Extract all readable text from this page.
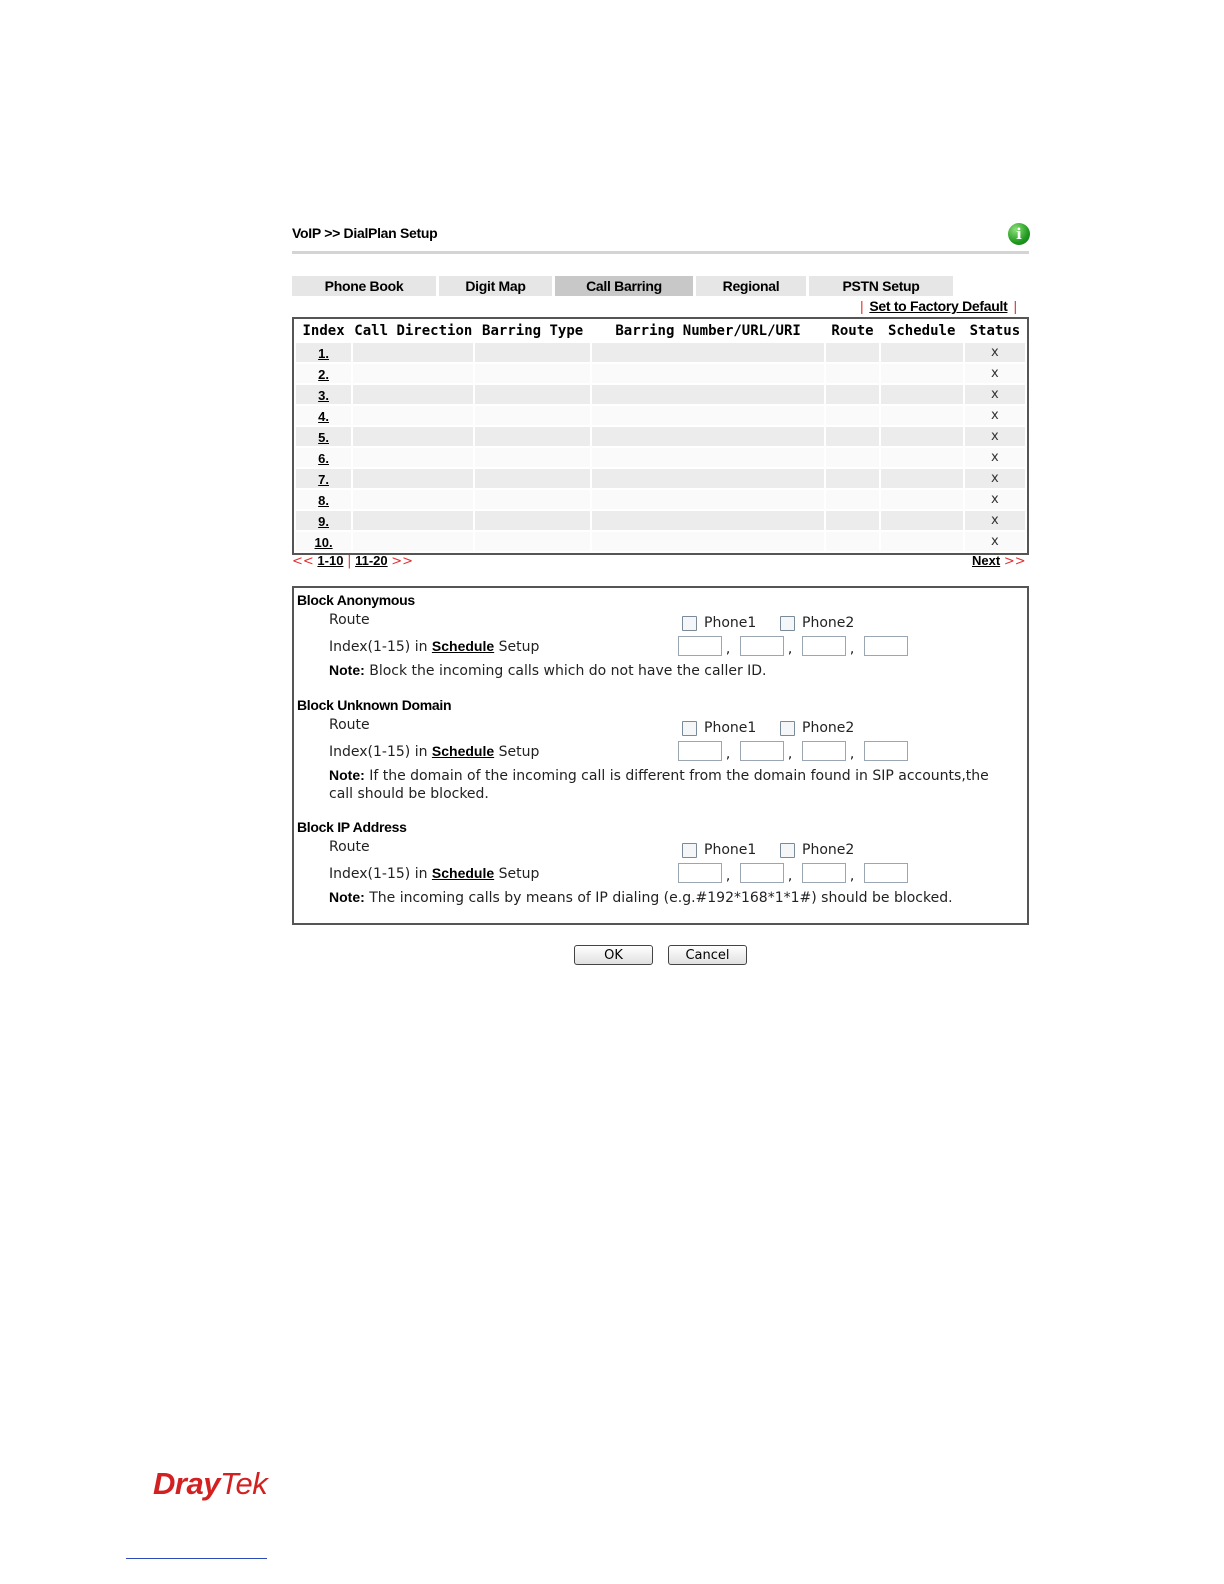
VoIP >> DialPlan Setup	i
Phone Book	Digit Map	Call Barring	Regional	PSTN Setup
| Set to Factory Default |
Index	Call Direction	Barring Type	Barring Number/URL/URI	Route	Schedule	Status
1.						x
2.						x
3.						x
4.						x
5.						x
6.						x
7.						x
8.						x
9.						x
10.						x
<< 1-10 | 11-20 >>	Next >>
Block Anonymous
Route	Phone1	Phone2
Index(1-15) in Schedule Setup	,	,	,
Note: Block the incoming calls which do not have the caller ID.
Block Unknown Domain
Route	Phone1	Phone2
Index(1-15) in Schedule Setup	,	,	,
Note: If the domain of the incoming call is different from the domain found in SIP accounts,the
call should be blocked.
Block IP Address
Route	Phone1	Phone2
Index(1-15) in Schedule Setup	,	,	,
Note: The incoming calls by means of IP dialing (e.g.#192*168*1*1#) should be blocked.
OK	Cancel
DrayTek
